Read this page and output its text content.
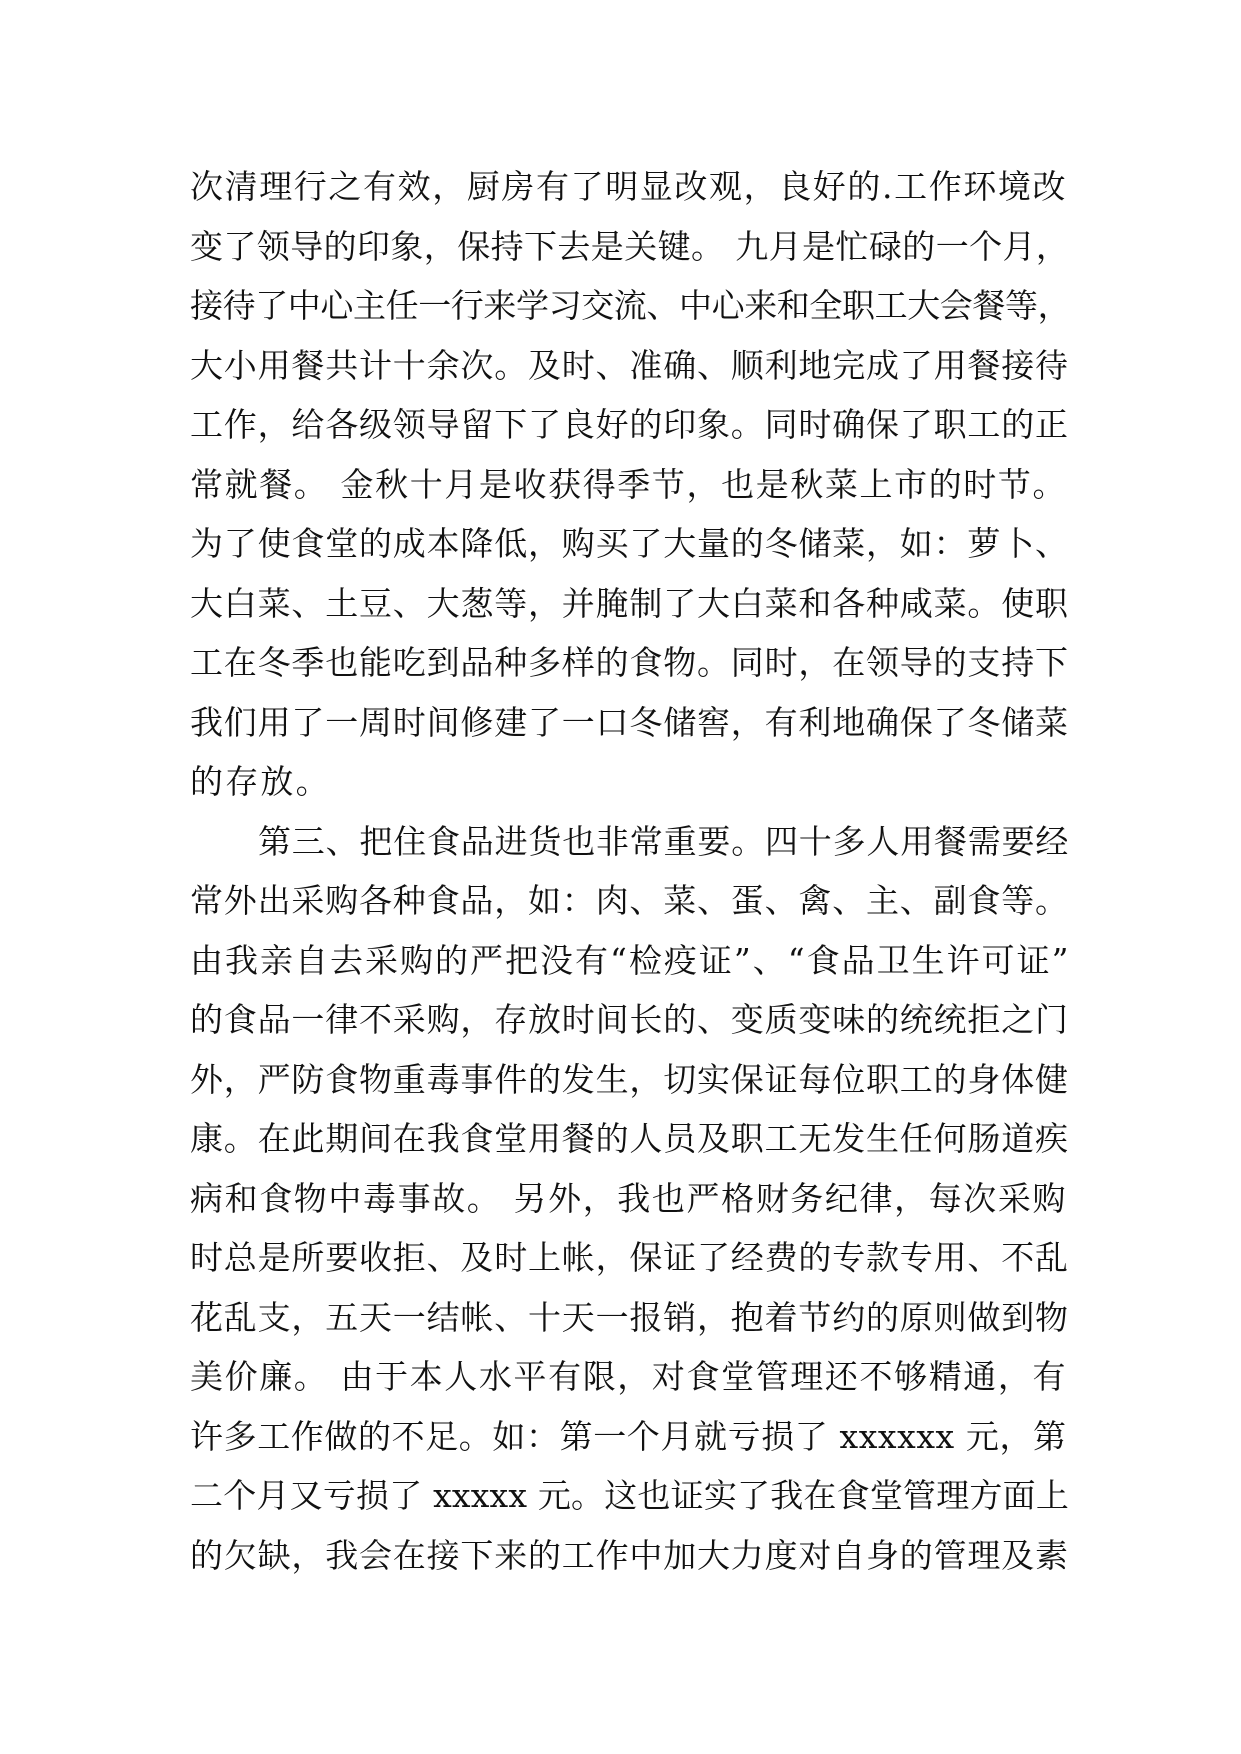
次清理行之有效，厨房有了明显改观，良好的.工作环境改
变了领导的印象，保持下去是关键。 九月是忙碌的一个月，
接待了中心主任一行来学习交流、中心来和全职工大会餐等，
大小用餐共计十余次。及时、准确、顺利地完成了用餐接待
工作，给各级领导留下了良好的印象。同时确保了职工的正
常就餐。 金秋十月是收获得季节，也是秋菜上市的时节。
为了使食堂的成本降低，购买了大量的冬储菜，如：萝卜、
大白菜、土豆、大葱等，并腌制了大白菜和各种咸菜。使职
工在冬季也能吃到品种多样的食物。同时，在领导的支持下
我们用了一周时间修建了一口冬储窖，有利地确保了冬储菜
的存放。
第三、把住食品进货也非常重要。四十多人用餐需要经
常外出采购各种食品，如：肉、菜、蛋、禽、主、副食等。
由我亲自去采购的严把没有“检疫证”、“食品卫生许可证”
的食品一律不采购，存放时间长的、变质变味的统统拒之门
外，严防食物重毒事件的发生，切实保证每位职工的身体健
康。在此期间在我食堂用餐的人员及职工无发生任何肠道疾
病和食物中毒事故。 另外，我也严格财务纪律，每次采购
时总是所要收拒、及时上帐，保证了经费的专款专用、不乱
花乱支，五天一结帐、十天一报销，抱着节约的原则做到物
美价廉。 由于本人水平有限，对食堂管理还不够精通，有
许多工作做的不足。如：第一个月就亏损了 xxxxxx 元，第
二个月又亏损了 xxxxx 元。这也证实了我在食堂管理方面上
的欠缺，我会在接下来的工作中加大力度对自身的管理及素
